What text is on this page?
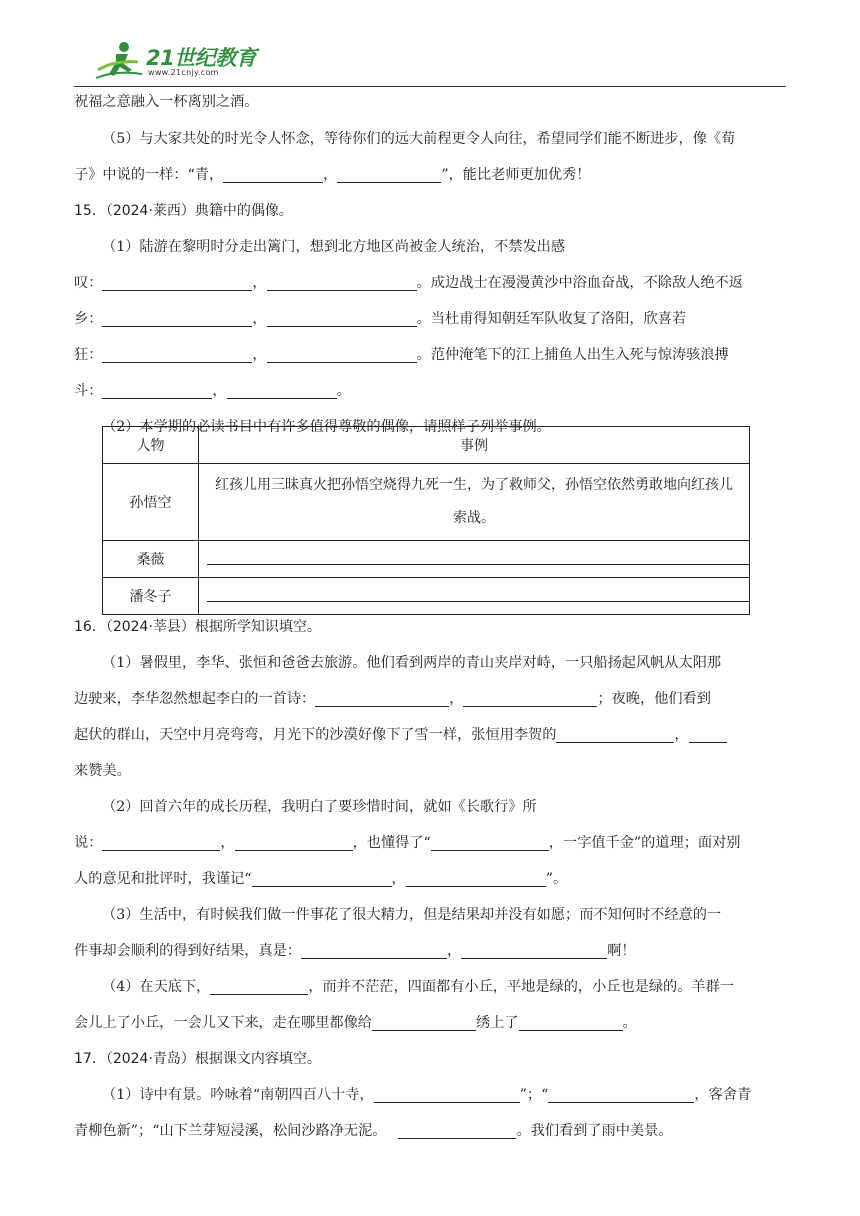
21世纪教育
www.21cnjy.com
祝福之意融入一杯离别之酒。
（5）与大家共处的时光令人怀念，等待你们的远大前程更令人向往，希望同学们能不断进步，像《荀
子》中说的一样：“青，	，	”，能比老师更加优秀！
15．（2024·莱西）典籍中的偶像。
（1）陆游在黎明时分走出篱门，想到北方地区尚被金人统治，不禁发出感
叹：	，	。成边战士在漫漫黄沙中浴血奋战，不除敌人绝不返
乡：	，	。当杜甫得知朝廷军队收复了洛阳，欣喜若
狂：	，	。范仲淹笔下的江上捕鱼人出生入死与惊涛骇浪搏
斗：	，	。
（2）本学期的必读书目中有许多值得尊敬的偶像，请照样子列举事例。
人物	事例
孙悟空	红孩儿用三昧真火把孙悟空烧得九死一生，为了救师父，孙悟空依然勇敢地向红孩儿索战。
桑薇	

潘冬子	
16．（2024·莘县）根据所学知识填空。
（1）暑假里，李华、张恒和爸爸去旅游。他们看到两岸的青山夹岸对峙，一只船扬起风帆从太阳那
边驶来，李华忽然想起李白的一首诗：	，	；夜晚，他们看到
起伏的群山，天空中月亮弯弯，月光下的沙漠好像下了雪一样，张恒用李贺的	，
来赞美。
（2）回首六年的成长历程，我明白了要珍惜时间，就如《长歌行》所
说：	，	，也懂得了“	，一字值千金”的道理；面对别
人的意见和批评时，我谨记“	，	”。
（3）生活中，有时候我们做一件事花了很大精力，但是结果却并没有如愿；而不知何时不经意的一
件事却会顺利的得到好结果，真是：	，	啊！
（4）在天底下，	，而并不茫茫，四面都有小丘，平地是绿的，小丘也是绿的。羊群一
会儿上了小丘，一会儿又下来，走在哪里都像给	绣上了	。
17．（2024·青岛）根据课文内容填空。
（1）诗中有景。吟咏着“南朝四百八十寺，	”；“	，客舍青
青柳色新”；“山下兰芽短浸溪，松间沙路净无泥。	。我们看到了雨中美景。
